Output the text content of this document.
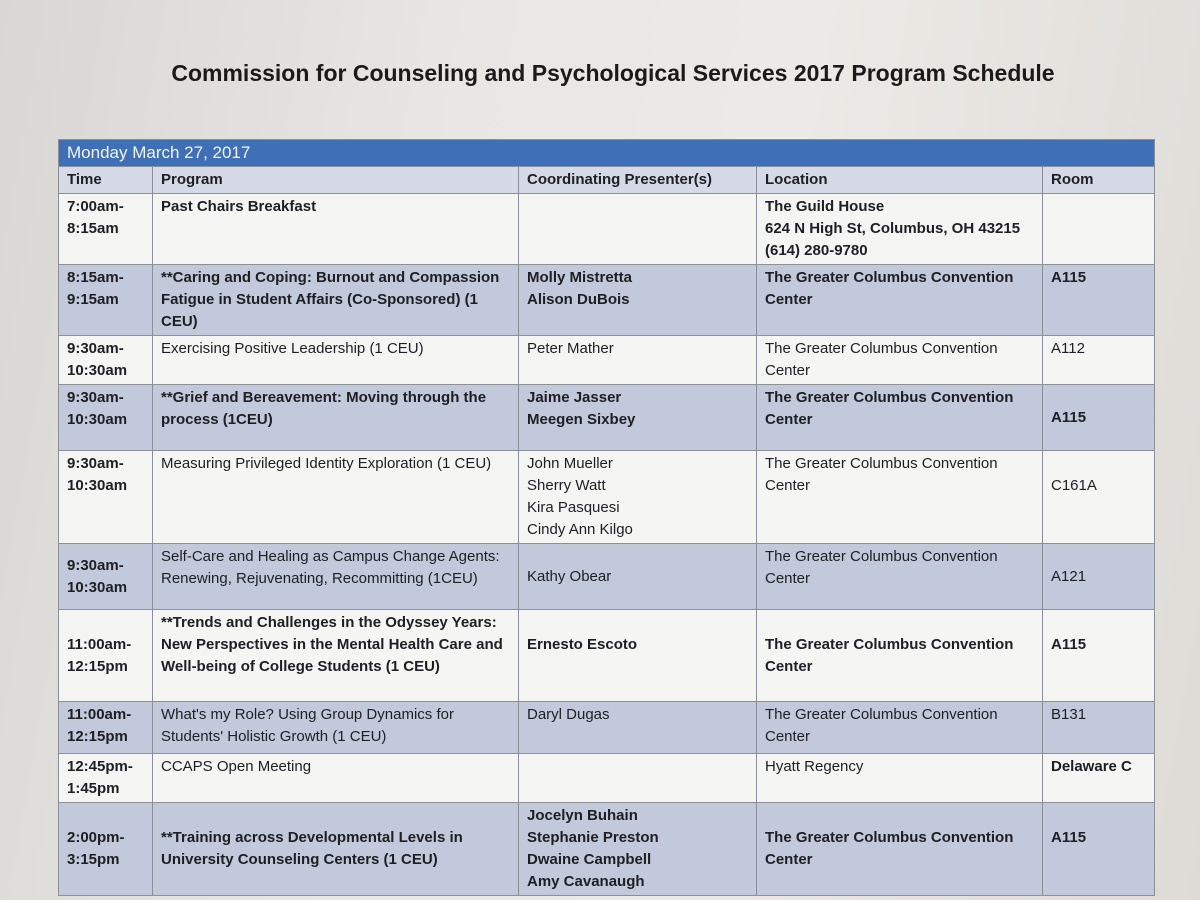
Commission for Counseling and Psychological Services 2017 Program Schedule
Monday March 27, 2017				
Time	Program	Coordinating Presenter(s)	Location	Room

7:00am-
8:15am	Past Chairs Breakfast		The Guild House
624 N High St, Columbus, OH 43215
(614) 280-9780	

8:15am-
9:15am	**Caring and Coping: Burnout and Compassion Fatigue in Student Affairs (Co-Sponsored) (1 CEU)	Molly Mistretta
Alison DuBois	The Greater Columbus Convention Center	A115

9:30am-
10:30am	Exercising Positive Leadership (1 CEU)	Peter Mather	The Greater Columbus Convention Center	A112

9:30am-
10:30am	**Grief and Bereavement: Moving through the process (1CEU)	Jaime Jasser
Meegen Sixbey	The Greater Columbus Convention Center	A115

9:30am-
10:30am	Measuring Privileged Identity Exploration (1 CEU)	John Mueller
Sherry Watt
Kira Pasquesi
Cindy Ann Kilgo	The Greater Columbus Convention Center	C161A

9:30am-
10:30am	Self-Care and Healing as Campus Change Agents: Renewing, Rejuvenating, Recommitting (1CEU)	Kathy Obear	The Greater Columbus Convention Center	A121

11:00am-
12:15pm	**Trends and Challenges in the Odyssey Years: New Perspectives in the Mental Health Care and Well-being of College Students (1 CEU)	Ernesto Escoto	The Greater Columbus Convention Center	A115

11:00am-
12:15pm	What's my Role? Using Group Dynamics for Students' Holistic Growth (1 CEU)	Daryl Dugas	The Greater Columbus Convention Center	B131

12:45pm-
1:45pm	CCAPS Open Meeting		Hyatt Regency	Delaware C

2:00pm-
3:15pm	**Training across Developmental Levels in University Counseling Centers (1 CEU)	Jocelyn Buhain
Stephanie Preston
Dwaine Campbell
Amy Cavanaugh	The Greater Columbus Convention Center	A115
